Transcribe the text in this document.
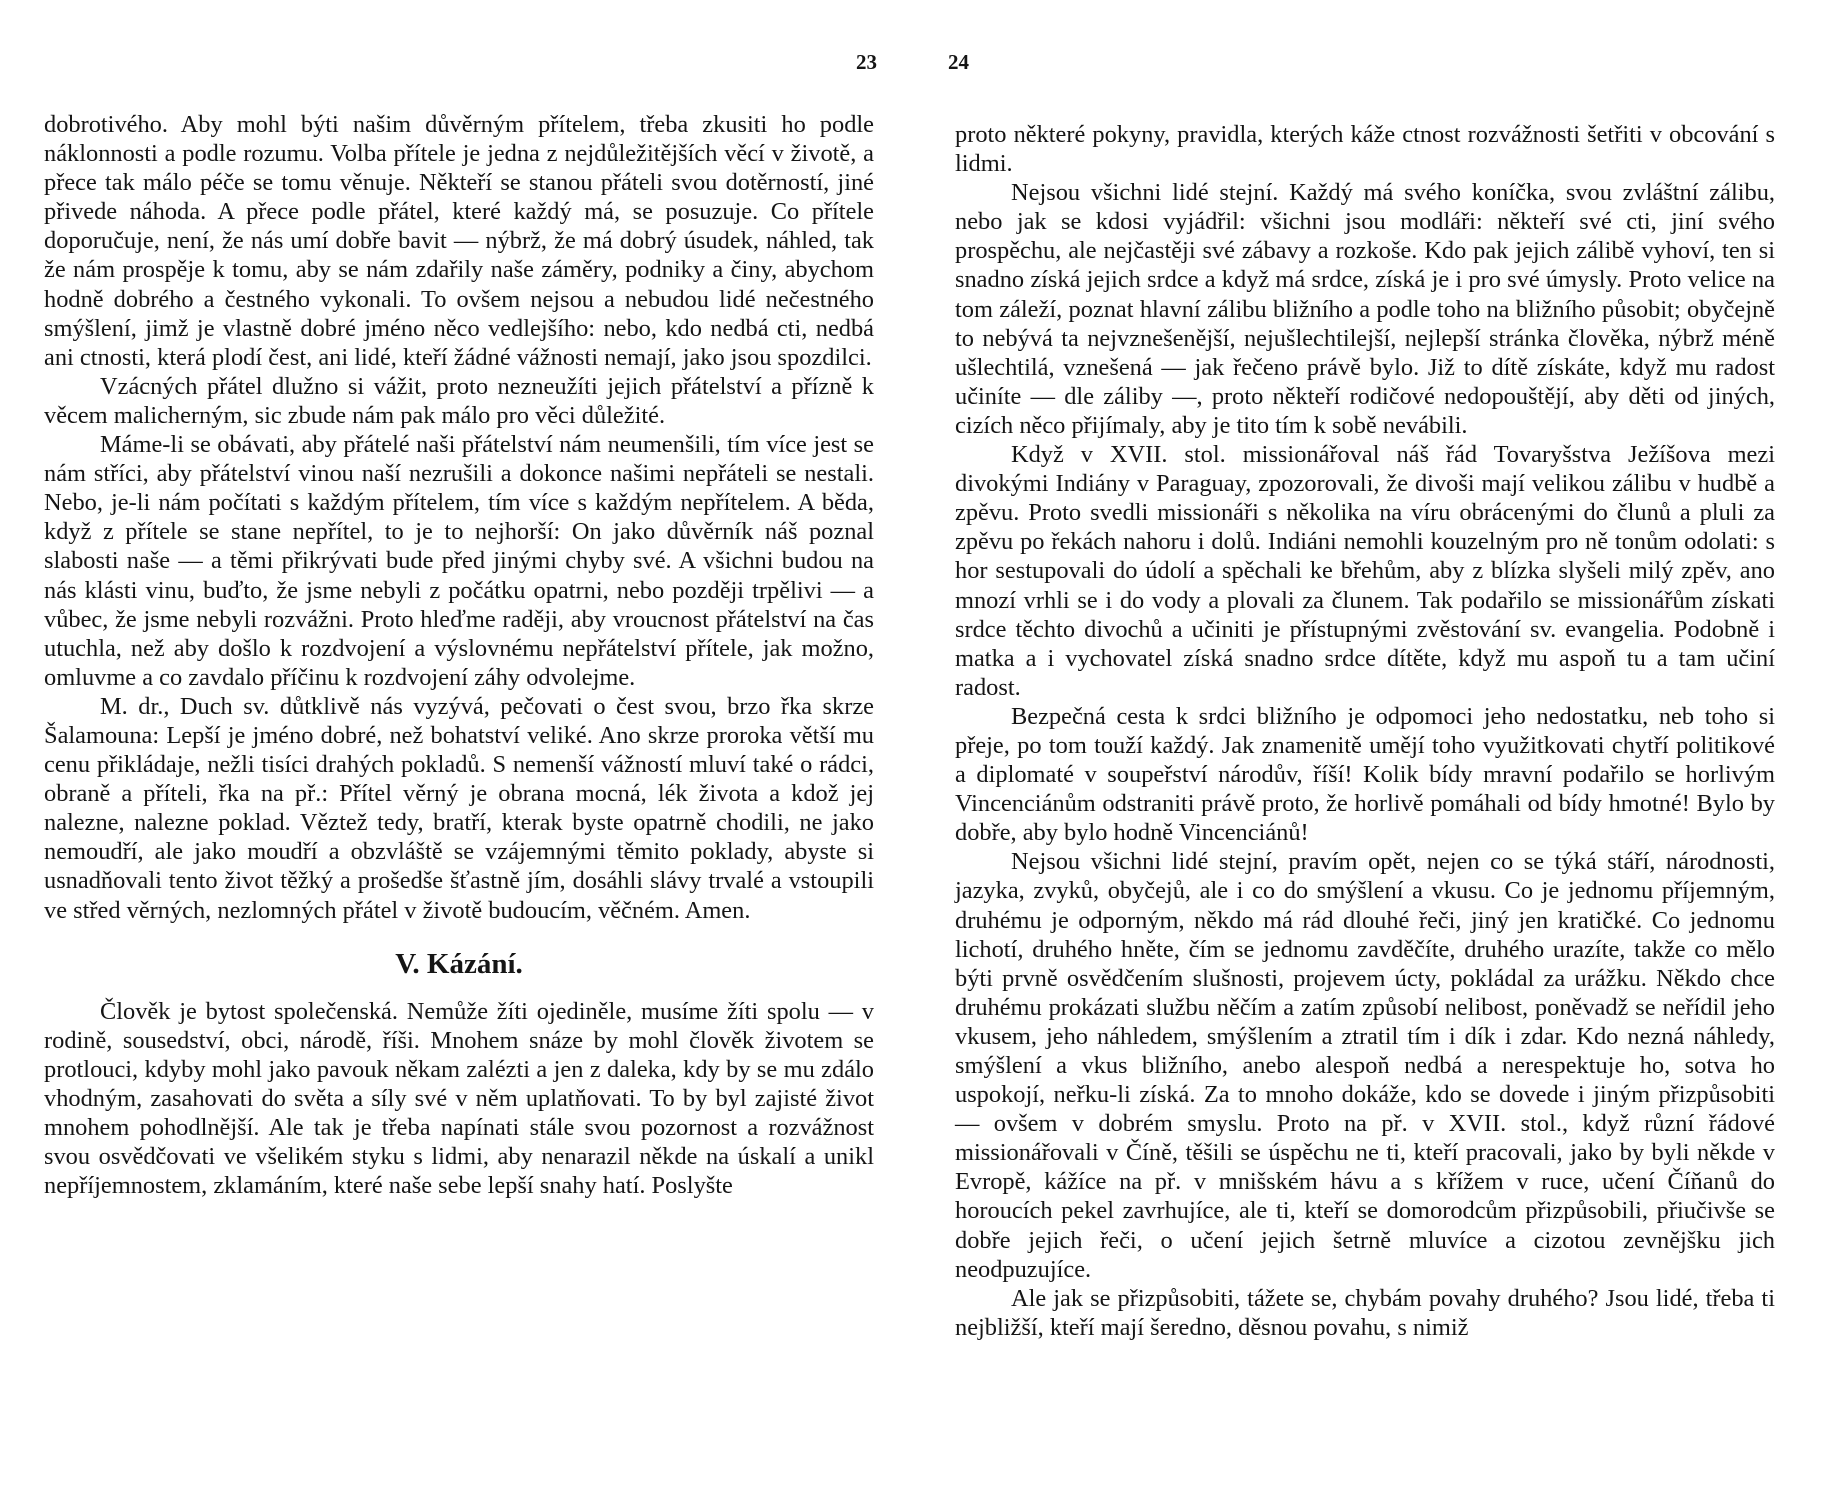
23

dobrotivého. Aby mohl býti našim důvěrným přítelem, třeba zkusiti ho podle náklonnosti a podle rozumu. Volba přítele je jedna z nejdůležitějších věcí v životě, a přece tak málo péče se tomu věnuje. Někteří se stanou přáteli svou dotěrností, jiné přivede náhoda. A přece podle přátel, které každý má, se posuzuje. Co přítele doporučuje, není, že nás umí dobře bavit — nýbrž, že má dobrý úsudek, náhled, tak že nám prospěje k tomu, aby se nám zdařily naše záměry, podniky a činy, abychom hodně dobrého a čestného vykonali. To ovšem nejsou a nebudou lidé nečestného smýšlení, jimž je vlastně dobré jméno něco vedlejšího: nebo, kdo nedbá cti, nedbá ani ctnosti, která plodí čest, ani lidé, kteří žádné vážnosti nemají, jako jsou spozdilci.

Vzácných přátel dlužno si vážit, proto nezneužíti jejich přátelství a přízně k věcem malicherným, sic zbude nám pak málo pro věci důležité.

Máme-li se obávati, aby přátelé naši přátelství nám neumenšili, tím více jest se nám stříci, aby přátelství vinou naší nezrušili a dokonce našimi nepřáteli se nestali. Nebo, je-li nám počítati s každým přítelem, tím více s každým nepřítelem. A běda, když z přítele se stane nepřítel, to je to nejhorší: On jako důvěrník náš poznal slabosti naše — a těmi přikrývati bude před jinými chyby své. A všichni budou na nás klásti vinu, buďto, že jsme nebyli z počátku opatrni, nebo později trpělivi — a vůbec, že jsme nebyli rozvážni. Proto hleďme raději, aby vroucnost přátelství na čas utuchla, než aby došlo k rozdvojení a výslovnému nepřátelství přítele, jak možno, omluvme a co zavdalo příčinu k rozdvojení záhy odvolejme.

M. dr., Duch sv. důtklivě nás vyzývá, pečovati o čest svou, brzo řka skrze Šalamouna: Lepší je jméno dobré, než bohatství veliké. Ano skrze proroka větší mu cenu přikládaje, nežli tisíci drahých pokladů. S nemenší vážností mluví také o rádci, obraně a příteli, řka na př.: Přítel věrný je obrana mocná, lék života a kdož jej nalezne, nalezne poklad. Věztež tedy, bratří, kterak byste opatrně chodili, ne jako nemoudří, ale jako moudří a obzvláště se vzájemnými těmito poklady, abyste si usnadňovali tento život těžký a prošedše šťastně jím, dosáhli slávy trvalé a vstoupili ve střed věrných, nezlomných přátel v životě budoucím, věčném. Amen.

V. Kázání.

Člověk je bytost společenská. Nemůže žíti ojediněle, musíme žíti spolu — v rodině, sousedství, obci, národě, říši. Mnohem snáze by mohl člověk životem se protlouci, kdyby mohl jako pavouk někam zalézti a jen z daleka, kdy by se mu zdálo vhodným, zasahovati do světa a síly své v něm uplatňovati. To by byl zajisté život mnohem pohodlnější. Ale tak je třeba napínati stále svou pozornost a rozvážnost svou osvědčovati ve všelikém styku s lidmi, aby nenarazil někde na úskalí a unikl nepříjemnostem, zklamáním, které naše sebe lepší snahy hatí. Poslyšte

24

proto některé pokyny, pravidla, kterých káže ctnost rozvážnosti šetřiti v obcování s lidmi.

Nejsou všichni lidé stejní. Každý má svého koníčka, svou zvláštní zálibu, nebo jak se kdosi vyjádřil: všichni jsou modláři: někteří své cti, jiní svého prospěchu, ale nejčastěji své zábavy a rozkoše. Kdo pak jejich zálibě vyhoví, ten si snadno získá jejich srdce a když má srdce, získá je i pro své úmysly. Proto velice na tom záleží, poznat hlavní zálibu bližního a podle toho na bližního působit; obyčejně to nebývá ta nejvznešenější, nejušlechtilejší, nejlepší stránka člověka, nýbrž méně ušlechtilá, vznešená — jak řečeno právě bylo. Již to dítě získáte, když mu radost učiníte — dle záliby —, proto někteří rodičové nedopouštějí, aby děti od jiných, cizích něco přijímaly, aby je tito tím k sobě nevábili.

Když v XVII. stol. missionářoval náš řád Tovaryšstva Ježíšova mezi divokými Indiány v Paraguay, zpozorovali, že divoši mají velikou zálibu v hudbě a zpěvu. Proto svedli missionáři s několika na víru obrácenými do člunů a pluli za zpěvu po řekách nahoru i dolů. Indiáni nemohli kouzelným pro ně tonům odolati: s hor sestupovali do údolí a spěchali ke břehům, aby z blízka slyšeli milý zpěv, ano mnozí vrhli se i do vody a plovali za člunem. Tak podařilo se missionářům získati srdce těchto divochů a učiniti je přístupnými zvěstování sv. evangelia. Podobně i matka a i vychovatel získá snadno srdce dítěte, když mu aspoň tu a tam učiní radost.

Bezpečná cesta k srdci bližního je odpomoci jeho nedostatku, neb toho si přeje, po tom touží každý. Jak znamenitě umějí toho využitkovati chytří politikové a diplomaté v soupeřství národův, říší! Kolik bídy mravní podařilo se horlivým Vincenciánům odstraniti právě proto, že horlivě pomáhali od bídy hmotné! Bylo by dobře, aby bylo hodně Vincenciánů!

Nejsou všichni lidé stejní, pravím opět, nejen co se týká stáří, národnosti, jazyka, zvyků, obyčejů, ale i co do smýšlení a vkusu. Co je jednomu příjemným, druhému je odporným, někdo má rád dlouhé řeči, jiný jen kratičké. Co jednomu lichotí, druhého hněte, čím se jednomu zavděčíte, druhého urazíte, takže co mělo býti prvně osvědčením slušnosti, projevem úcty, pokládal za urážku. Někdo chce druhému prokázati službu něčím a zatím způsobí nelibost, poněvadž se neřídil jeho vkusem, jeho náhledem, smýšlením a ztratil tím i dík i zdar. Kdo nezná náhledy, smýšlení a vkus bližního, anebo alespoň nedbá a nerespektuje ho, sotva ho uspokojí, neřku-li získá. Za to mnoho dokáže, kdo se dovede i jiným přizpůsobiti — ovšem v dobrém smyslu. Proto na př. v XVII. stol., když různí řádové missionářovali v Číně, těšili se úspěchu ne ti, kteří pracovali, jako by byli někde v Evropě, kážíce na př. v mnišském hávu a s křížem v ruce, učení Číňanů do horoucích pekel zavrhujíce, ale ti, kteří se domorodcům přizpůsobili, přiučivše se dobře jejich řeči, o učení jejich šetrně mluvíce a cizotou zevnějšku jich neodpuzujíce.

Ale jak se přizpůsobiti, tážete se, chybám povahy druhého? Jsou lidé, třeba ti nejbližší, kteří mají šeredno, děsnou povahu, s nimiž
